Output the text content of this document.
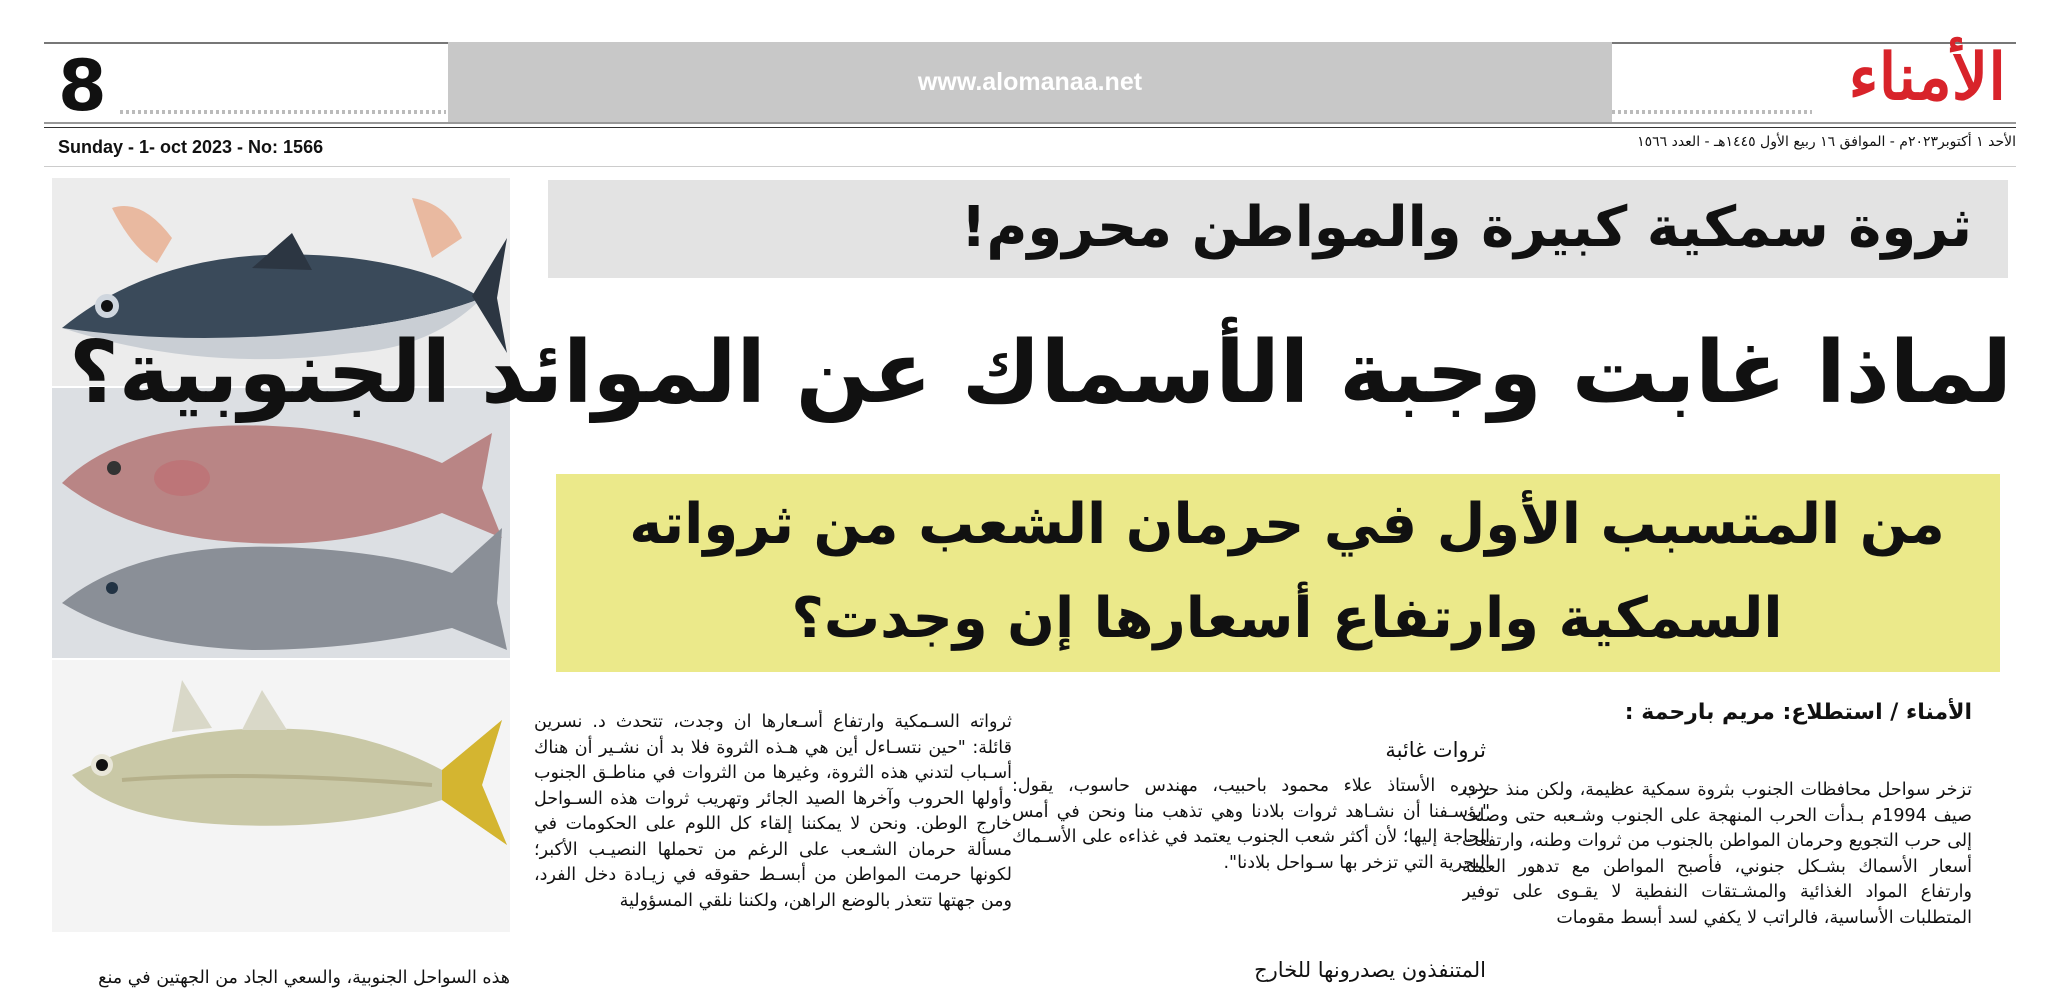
8	www.alomanaa.net	الأمناء
Sunday - 1- oct 2023 - No: 1566	الأحد ١ أكتوبر٢٠٢٣م - الموافق ١٦ ربيع الأول ١٤٤٥هـ - العدد ١٥٦٦
ثروة سمكية كبيرة والمواطن محروم!
لماذا غابت وجبة الأسماك عن الموائد الجنوبية؟
من المتسبب الأول في حرمان الشعب من ثرواته
السمكية وارتفاع أسعارها إن وجدت؟
الأمناء / استطلاع: مريم بارحمة :

تزخر سواحل محافظات الجنوب بثروة سمكية عظيمة، ولكن منذ حرب صيف 1994م بـدأت الحرب المنهجة على الجنوب وشـعبه حتى وصلت إلى حرب التجويع وحرمان المواطن بالجنوب من ثروات وطنه، وارتفعت أسعار الأسماك بشـكل جنوني، فأصبح المواطن مع تدهور العملة وارتفاع المواد الغذائية والمشـتقات النفطية لا يقـوى على توفير المتطلبات الأساسية، فالراتب لا يكفي لسد أبسط مقومات

ثروات غائبة

بدوره الأستاذ علاء محمود باحبيب، مهندس حاسوب، يقول: "يؤسـفنا أن نشـاهد ثروات بلادنا وهي تذهب منا ونحن في أمس الحاجة إليها؛ لأن أكثر شعب الجنوب يعتمد في غذاءه على الأسـماك البحرية التي تزخر بها سـواحل بلادنا".

المتنفذون يصدرونها للخارج

ثرواته السـمكية وارتفاع أسـعارها ان وجدت، تتحدث د. نسرين قائلة: "حين نتسـاءل أين هي هـذه الثروة فلا بد أن نشـير أن هناك أسـباب لتدني هذه الثروة، وغيرها من الثروات في مناطـق الجنوب وأولها الحروب وآخرها الصيد الجائر وتهريب ثروات هذه السـواحل خارج الوطن. ونحن لا يمكننا إلقاء كل اللوم على الحكومات في مسألة حرمان الشـعب على الرغم من تحملها النصيـب الأكبر؛ لكونها حرمت المواطن من أبسـط حقوقه في زيـادة دخل الفرد، ومن جهتها تتعذر بالوضع الراهن، ولكننا نلقي المسؤولية

هذه السواحل الجنوبية، والسعي الجاد من الجهتين في منع
